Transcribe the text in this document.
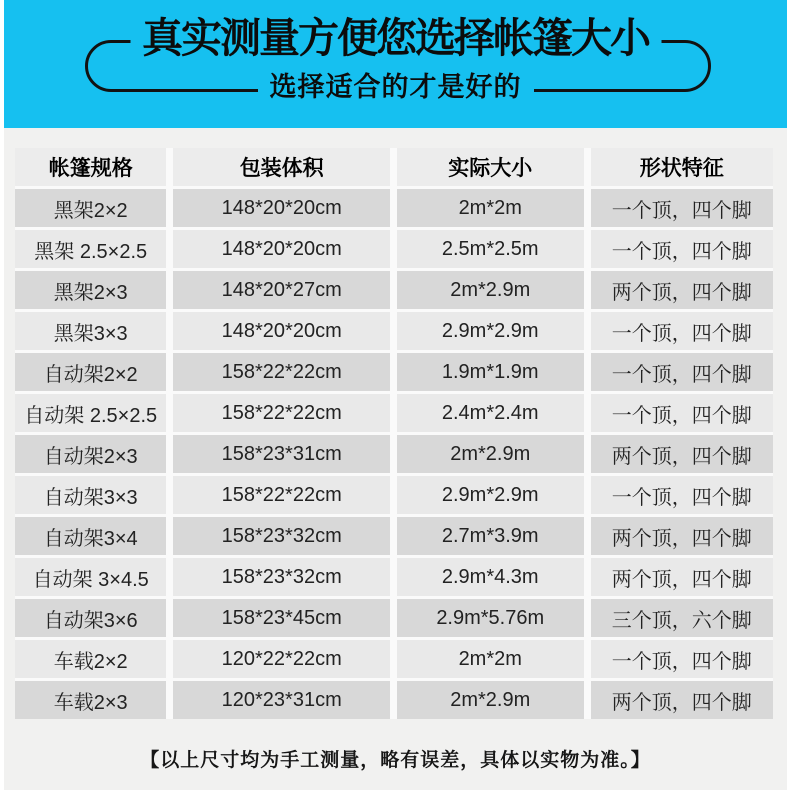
真实测量方便您选择帐篷大小
选择适合的才是好的
帐篷规格	包装体积	实际大小	形状特征
黑架2×2	148*20*20cm	2m*2m	一个顶，四个脚
黑架 2.5×2.5	148*20*20cm	2.5m*2.5m	一个顶，四个脚
黑架2×3	148*20*27cm	2m*2.9m	两个顶，四个脚
黑架3×3	148*20*20cm	2.9m*2.9m	一个顶，四个脚
自动架2×2	158*22*22cm	1.9m*1.9m	一个顶，四个脚
自动架 2.5×2.5	158*22*22cm	2.4m*2.4m	一个顶，四个脚
自动架2×3	158*23*31cm	2m*2.9m	两个顶，四个脚
自动架3×3	158*22*22cm	2.9m*2.9m	一个顶，四个脚
自动架3×4	158*23*32cm	2.7m*3.9m	两个顶，四个脚
自动架 3×4.5	158*23*32cm	2.9m*4.3m	两个顶，四个脚
自动架3×6	158*23*45cm	2.9m*5.76m	三个顶，六个脚
车载2×2	120*22*22cm	2m*2m	一个顶，四个脚
车载2×3	120*23*31cm	2m*2.9m	两个顶，四个脚
【以上尺寸均为手工测量，略有误差，具体以实物为准。】
